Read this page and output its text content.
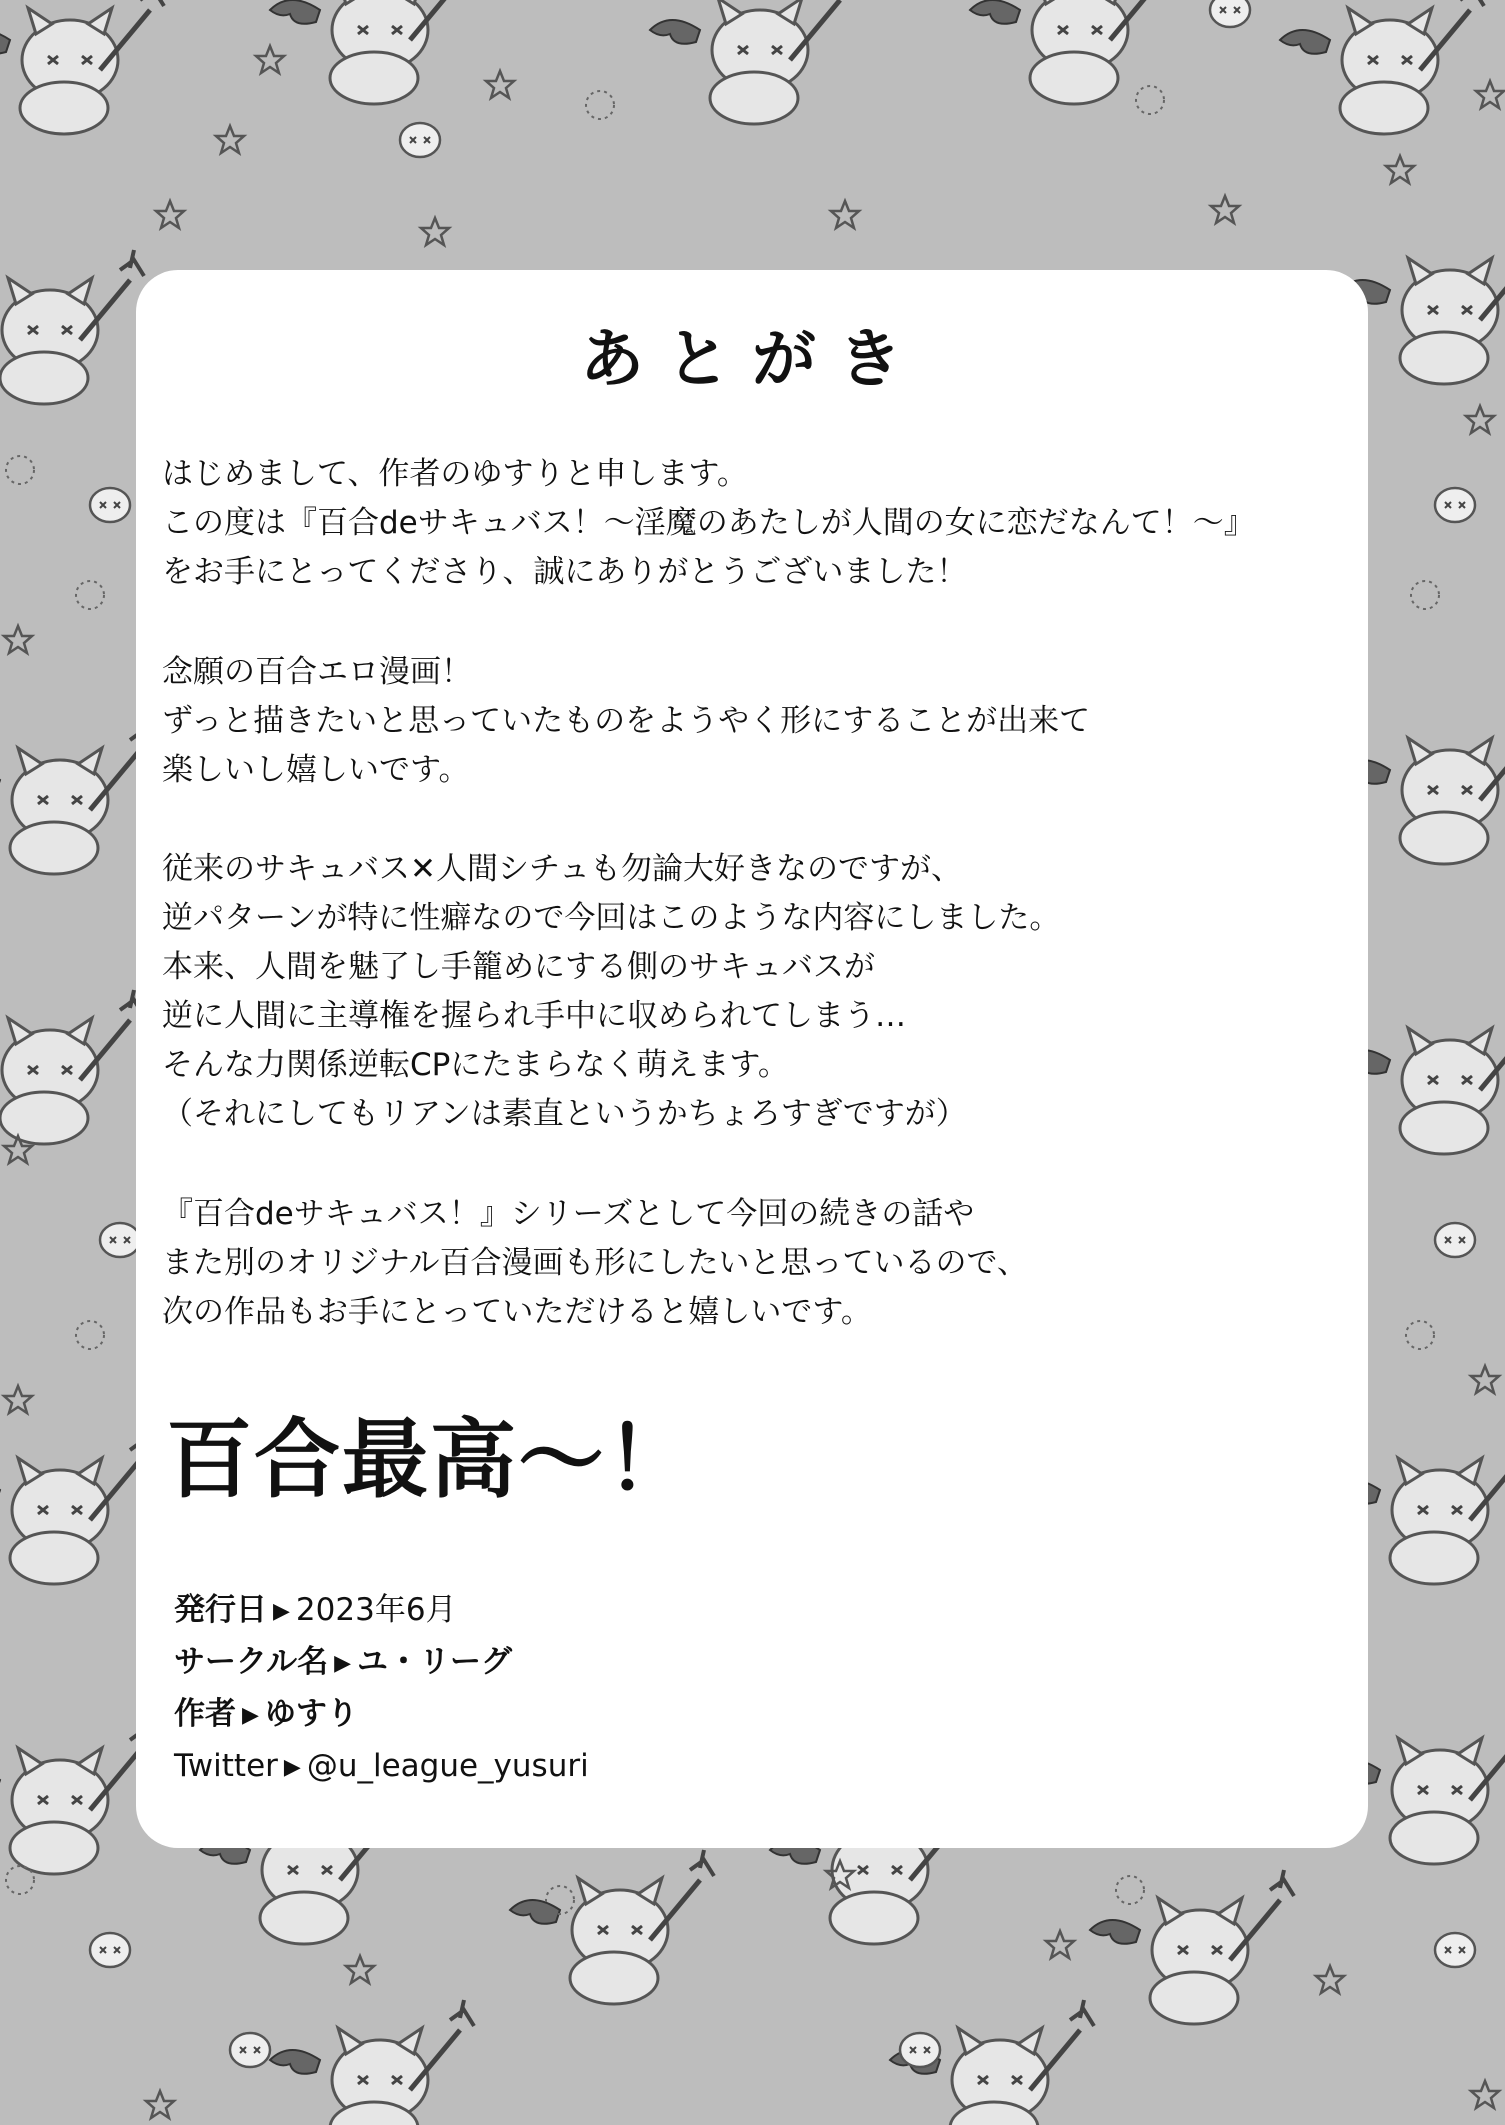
あとがき

はじめまして、作者のゆすりと申します。

この度は『百合deサキュバス！〜淫魔のあたしが人間の女に恋だなんて！〜』

をお手にとってくださり、誠にありがとうございました！

念願の百合エロ漫画！

ずっと描きたいと思っていたものをようやく形にすることが出来て

楽しいし嬉しいです。

従来のサキュバス✕人間シチュも勿論大好きなのですが、

逆パターンが特に性癖なので今回はこのような内容にしました。

本来、人間を魅了し手籠めにする側のサキュバスが

逆に人間に主導権を握られ手中に収められてしまう…

そんな力関係逆転CPにたまらなく萌えます。

（それにしてもリアンは素直というかちょろすぎですが）

『百合deサキュバス！』シリーズとして今回の続きの話や

また別のオリジナル百合漫画も形にしたいと思っているので、

次の作品もお手にとっていただけると嬉しいです。

百合最高〜！
発行日 ▶ 2023年6月
サークル名 ▶ ユ・リーグ
作者 ▶ ゆすり
Twitter ▶ @u_league_yusuri
